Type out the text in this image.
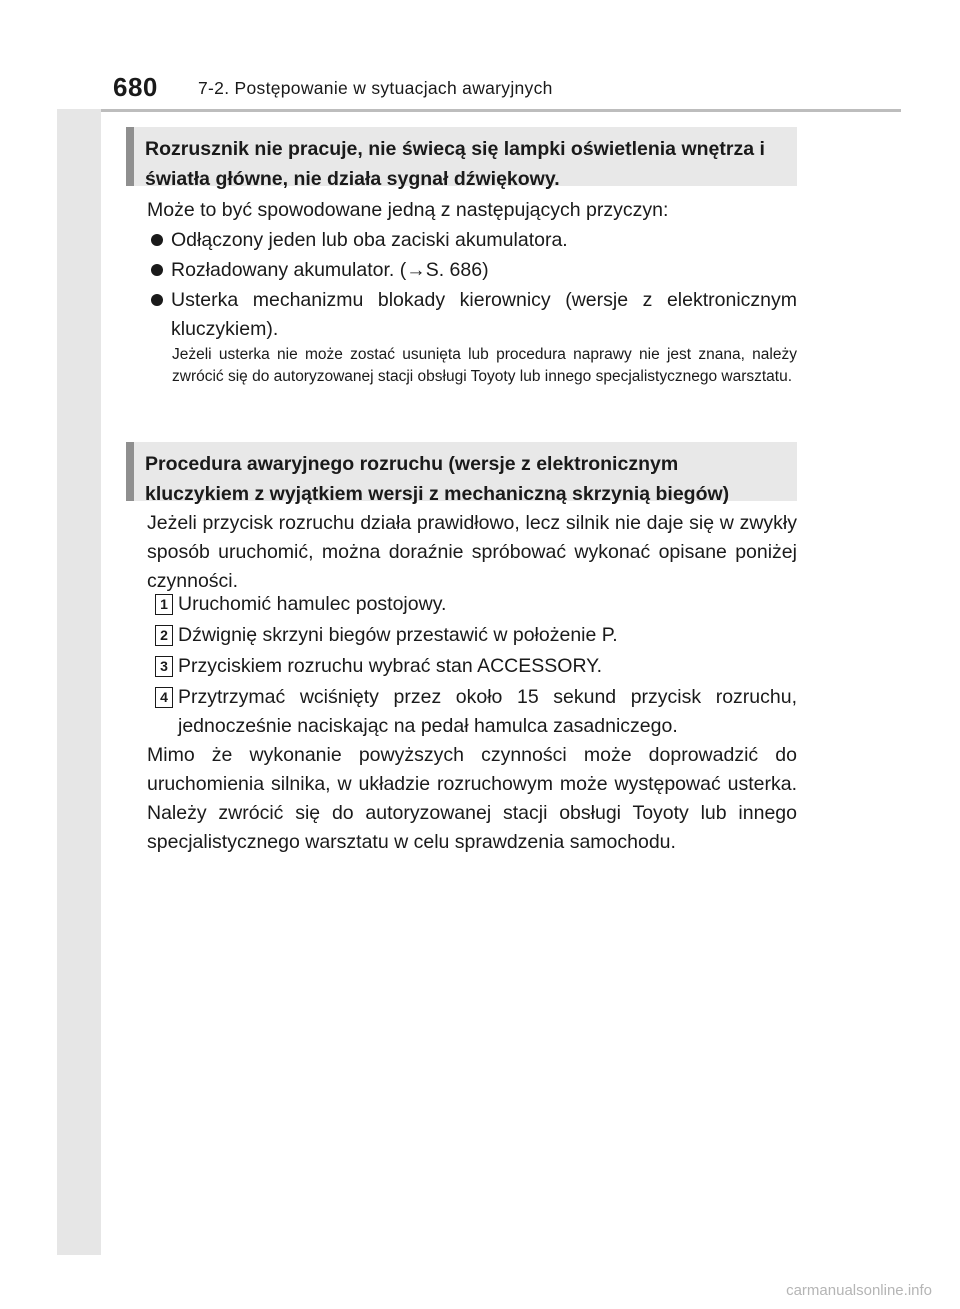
680 7-2. Postępowanie w sytuacjach awaryjnych
Rozrusznik nie pracuje, nie świecą się lampki oświetlenia wnętrza i światła główne, nie działa sygnał dźwiękowy.
Może to być spowodowane jedną z następujących przyczyn:
Odłączony jeden lub oba zaciski akumulatora.
Rozładowany akumulator. (→S. 686)
Usterka mechanizmu blokady kierownicy (wersje z elektronicznym kluczykiem).
Jeżeli usterka nie może zostać usunięta lub procedura naprawy nie jest znana, należy zwrócić się do autoryzowanej stacji obsługi Toyoty lub innego specjalistycznego warsztatu.
Procedura awaryjnego rozruchu (wersje z elektronicznym kluczykiem z wyjątkiem wersji z mechaniczną skrzynią biegów)
Jeżeli przycisk rozruchu działa prawidłowo, lecz silnik nie daje się w zwykły sposób uruchomić, można doraźnie spróbować wykonać opisane poniżej czynności.
1 Uruchomić hamulec postojowy.
2 Dźwignię skrzyni biegów przestawić w położenie P.
3 Przyciskiem rozruchu wybrać stan ACCESSORY.
4 Przytrzymać wciśnięty przez około 15 sekund przycisk rozruchu, jednocześnie naciskając na pedał hamulca zasadniczego.
Mimo że wykonanie powyższych czynności może doprowadzić do uruchomienia silnika, w układzie rozruchowym może występować usterka. Należy zwrócić się do autoryzowanej stacji obsługi Toyoty lub innego specjalistycznego warsztatu w celu sprawdzenia samochodu.
carmanualsonline.info
